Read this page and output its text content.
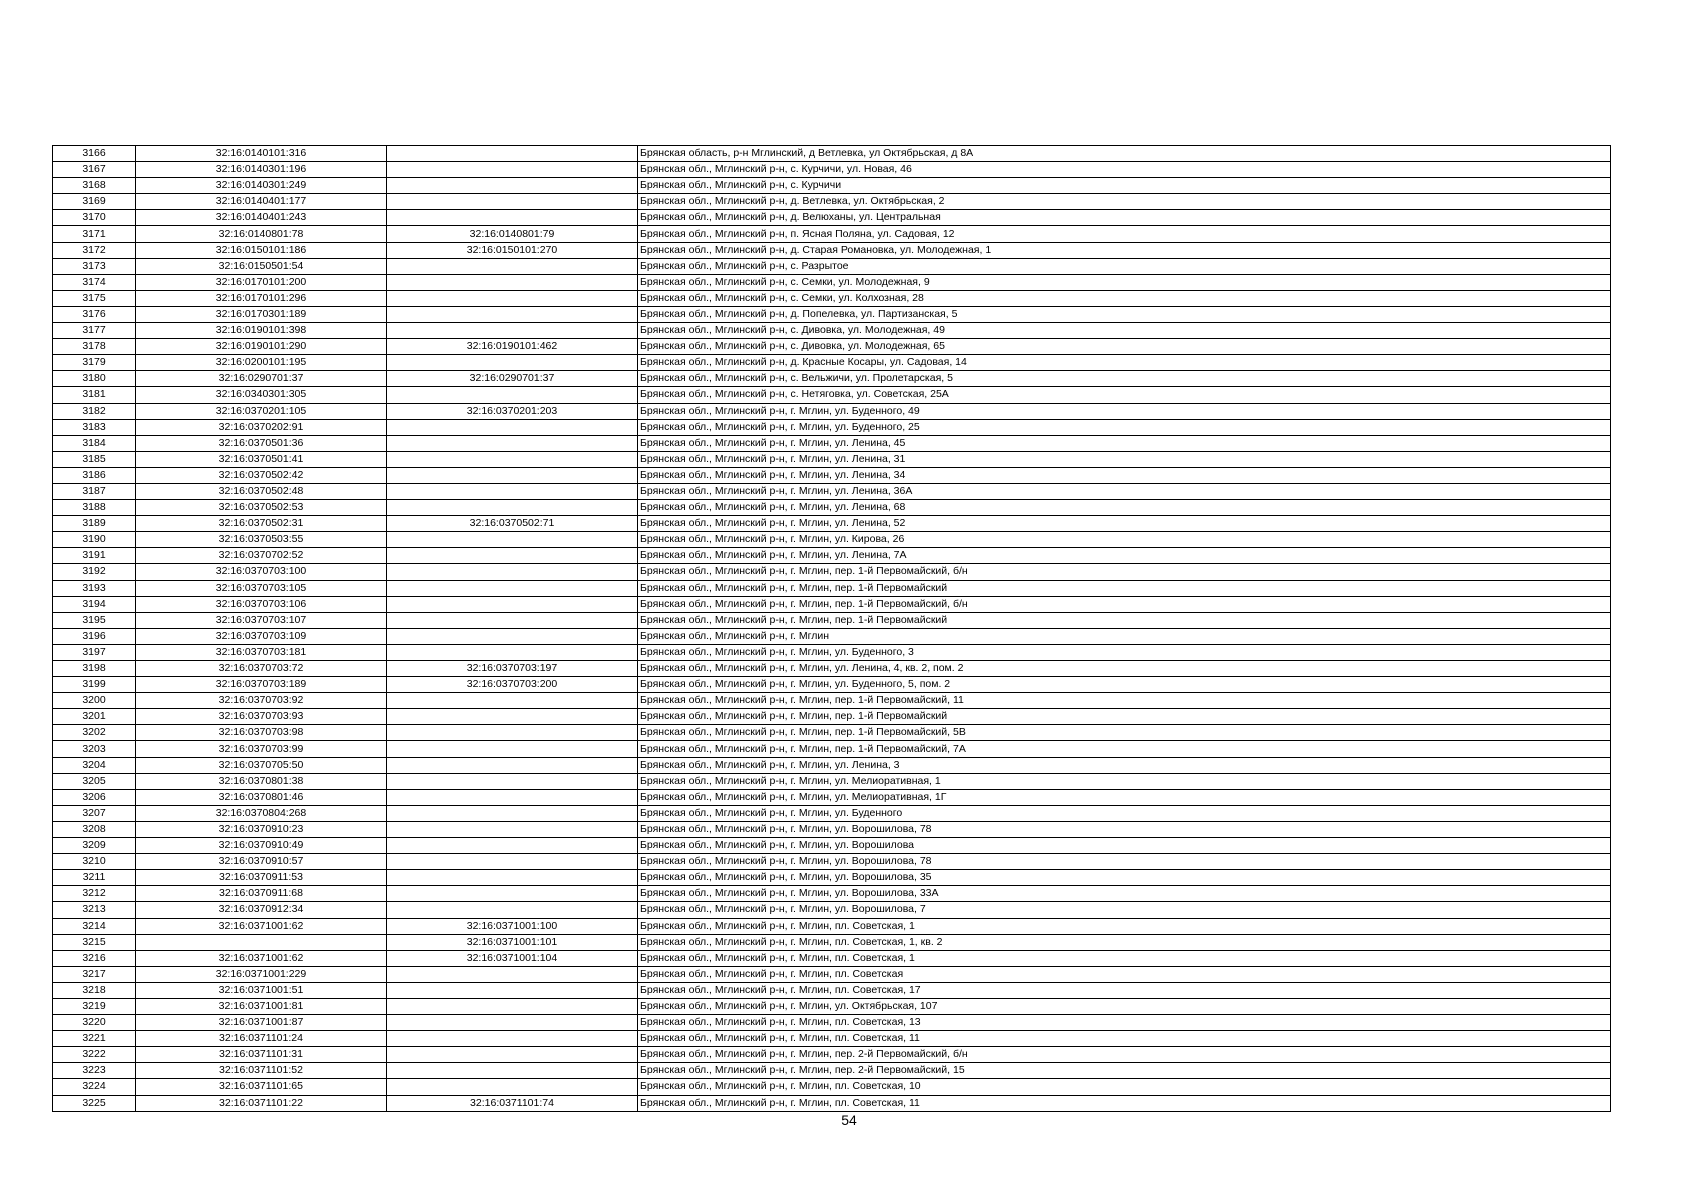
3166	32:16:0140101:316		Брянская область, р-н Мглинский, д Ветлевка, ул Октябрьская, д 8А
3167	32:16:0140301:196		Брянская обл., Мглинский р-н, с. Курчичи, ул. Новая, 46
3168	32:16:0140301:249		Брянская обл., Мглинский р-н, с. Курчичи
3169	32:16:0140401:177		Брянская обл., Мглинский р-н, д. Ветлевка, ул. Октябрьская, 2
3170	32:16:0140401:243		Брянская обл., Мглинский р-н, д. Велюханы, ул. Центральная
3171	32:16:0140801:78	32:16:0140801:79	Брянская обл., Мглинский р-н, п. Ясная Поляна, ул. Садовая, 12
3172	32:16:0150101:186	32:16:0150101:270	Брянская обл., Мглинский р-н, д. Старая Романовка, ул. Молодежная, 1
3173	32:16:0150501:54		Брянская обл., Мглинский р-н, с. Разрытое
3174	32:16:0170101:200		Брянская обл., Мглинский р-н, с. Семки, ул. Молодежная, 9
3175	32:16:0170101:296		Брянская обл., Мглинский р-н, с. Семки, ул. Колхозная, 28
3176	32:16:0170301:189		Брянская обл., Мглинский р-н, д. Попелевка, ул. Партизанская, 5
3177	32:16:0190101:398		Брянская обл., Мглинский р-н, с. Дивовка, ул. Молодежная, 49
3178	32:16:0190101:290	32:16:0190101:462	Брянская обл., Мглинский р-н, с. Дивовка, ул. Молодежная, 65
3179	32:16:0200101:195		Брянская обл., Мглинский р-н, д. Красные Косары, ул. Садовая, 14
3180	32:16:0290701:37	32:16:0290701:37	Брянская обл., Мглинский р-н, с. Вельжичи, ул. Пролетарская, 5
3181	32:16:0340301:305		Брянская обл., Мглинский р-н, с. Нетяговка, ул. Советская, 25А
3182	32:16:0370201:105	32:16:0370201:203	Брянская обл., Мглинский р-н, г. Мглин, ул. Буденного, 49
3183	32:16:0370202:91		Брянская обл., Мглинский р-н, г. Мглин, ул. Буденного, 25
3184	32:16:0370501:36		Брянская обл., Мглинский р-н, г. Мглин, ул. Ленина, 45
3185	32:16:0370501:41		Брянская обл., Мглинский р-н, г. Мглин, ул. Ленина, 31
3186	32:16:0370502:42		Брянская обл., Мглинский р-н, г. Мглин, ул. Ленина, 34
3187	32:16:0370502:48		Брянская обл., Мглинский р-н, г. Мглин, ул. Ленина, 36А
3188	32:16:0370502:53		Брянская обл., Мглинский р-н, г. Мглин, ул. Ленина, 68
3189	32:16:0370502:31	32:16:0370502:71	Брянская обл., Мглинский р-н, г. Мглин, ул. Ленина, 52
3190	32:16:0370503:55		Брянская обл., Мглинский р-н, г. Мглин, ул. Кирова, 26
3191	32:16:0370702:52		Брянская обл., Мглинский р-н, г. Мглин, ул. Ленина, 7А
3192	32:16:0370703:100		Брянская обл., Мглинский р-н, г. Мглин, пер. 1-й Первомайский, б/н
3193	32:16:0370703:105		Брянская обл., Мглинский р-н, г. Мглин, пер. 1-й Первомайский
3194	32:16:0370703:106		Брянская обл., Мглинский р-н, г. Мглин, пер. 1-й Первомайский, б/н
3195	32:16:0370703:107		Брянская обл., Мглинский р-н, г. Мглин, пер. 1-й Первомайский
3196	32:16:0370703:109		Брянская обл., Мглинский р-н, г. Мглин
3197	32:16:0370703:181		Брянская обл., Мглинский р-н, г. Мглин, ул. Буденного, 3
3198	32:16:0370703:72	32:16:0370703:197	Брянская обл., Мглинский р-н, г. Мглин, ул. Ленина, 4, кв. 2, пом. 2
3199	32:16:0370703:189	32:16:0370703:200	Брянская обл., Мглинский р-н, г. Мглин, ул. Буденного, 5, пом. 2
3200	32:16:0370703:92		Брянская обл., Мглинский р-н, г. Мглин, пер. 1-й Первомайский, 11
3201	32:16:0370703:93		Брянская обл., Мглинский р-н, г. Мглин, пер. 1-й Первомайский
3202	32:16:0370703:98		Брянская обл., Мглинский р-н, г. Мглин, пер. 1-й Первомайский, 5В
3203	32:16:0370703:99		Брянская обл., Мглинский р-н, г. Мглин, пер. 1-й Первомайский, 7А
3204	32:16:0370705:50		Брянская обл., Мглинский р-н, г. Мглин, ул. Ленина, 3
3205	32:16:0370801:38		Брянская обл., Мглинский р-н, г. Мглин, ул. Мелиоративная, 1
3206	32:16:0370801:46		Брянская обл., Мглинский р-н, г. Мглин, ул. Мелиоративная, 1Г
3207	32:16:0370804:268		Брянская обл., Мглинский р-н, г. Мглин, ул. Буденного
3208	32:16:0370910:23		Брянская обл., Мглинский р-н, г. Мглин, ул. Ворошилова, 78
3209	32:16:0370910:49		Брянская обл., Мглинский р-н, г. Мглин, ул. Ворошилова
3210	32:16:0370910:57		Брянская обл., Мглинский р-н, г. Мглин, ул. Ворошилова, 78
3211	32:16:0370911:53		Брянская обл., Мглинский р-н, г. Мглин, ул. Ворошилова, 35
3212	32:16:0370911:68		Брянская обл., Мглинский р-н, г. Мглин, ул. Ворошилова, 33А
3213	32:16:0370912:34		Брянская обл., Мглинский р-н, г. Мглин, ул. Ворошилова, 7
3214	32:16:0371001:62	32:16:0371001:100	Брянская обл., Мглинский р-н, г. Мглин, пл. Советская, 1
3215		32:16:0371001:101	Брянская обл., Мглинский р-н, г. Мглин, пл. Советская, 1, кв. 2
3216	32:16:0371001:62	32:16:0371001:104	Брянская обл., Мглинский р-н, г. Мглин, пл. Советская, 1
3217	32:16:0371001:229		Брянская обл., Мглинский р-н, г. Мглин, пл. Советская
3218	32:16:0371001:51		Брянская обл., Мглинский р-н, г. Мглин, пл. Советская, 17
3219	32:16:0371001:81		Брянская обл., Мглинский р-н, г. Мглин, ул. Октябрьская, 107
3220	32:16:0371001:87		Брянская обл., Мглинский р-н, г. Мглин, пл. Советская, 13
3221	32:16:0371101:24		Брянская обл., Мглинский р-н, г. Мглин, пл. Советская, 11
3222	32:16:0371101:31		Брянская обл., Мглинский р-н, г. Мглин, пер. 2-й Первомайский, б/н
3223	32:16:0371101:52		Брянская обл., Мглинский р-н, г. Мглин, пер. 2-й Первомайский, 15
3224	32:16:0371101:65		Брянская обл., Мглинский р-н, г. Мглин, пл. Советская, 10
3225	32:16:0371101:22	32:16:0371101:74	Брянская обл., Мглинский р-н, г. Мглин, пл. Советская, 11
54
